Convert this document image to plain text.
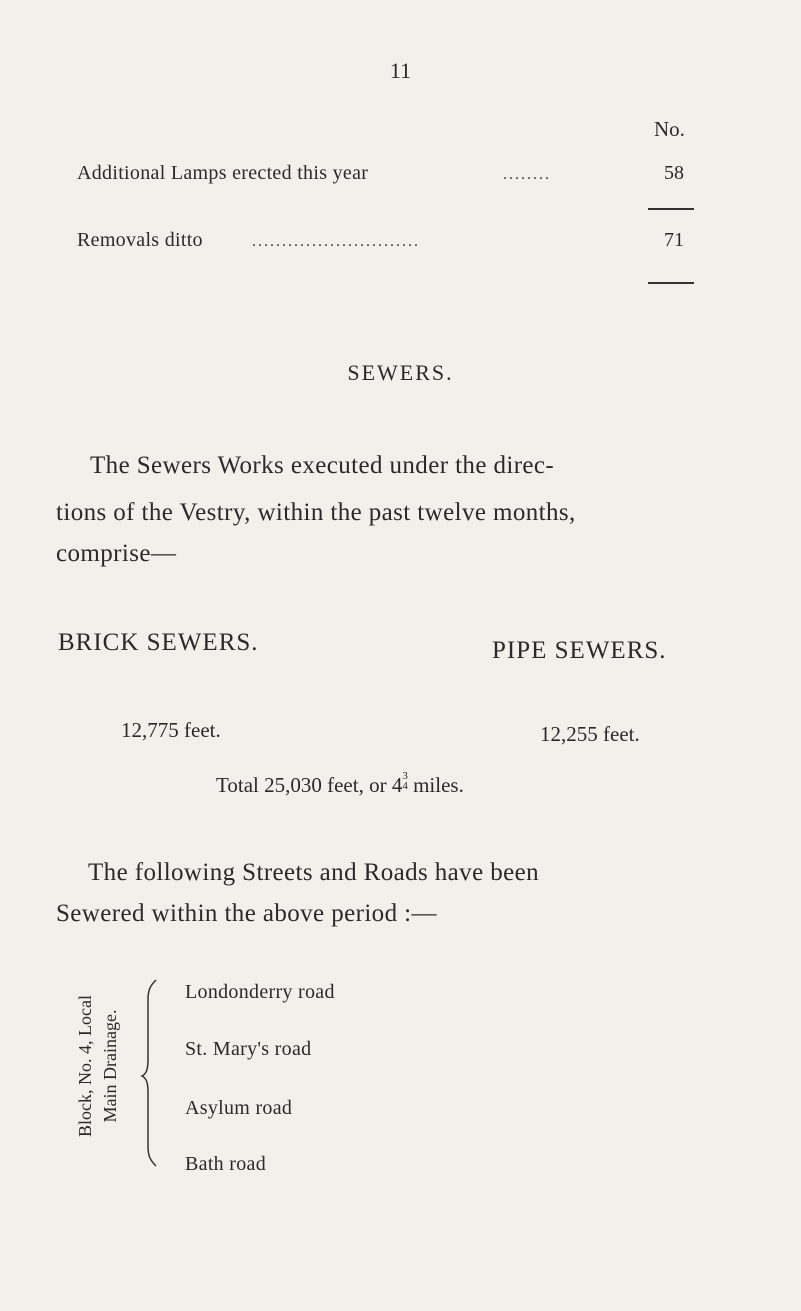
11
No.
Additional Lamps erected this year	........	58
Removals ditto	............................	71
SEWERS.
The Sewers Works executed under the direc-
tions of the Vestry, within the past twelve months,
comprise—
BRICK SEWERS.	PIPE SEWERS.
12,775 feet.	12,255 feet.
Total 25,030 feet, or 4 3
4 miles.
The following Streets and Roads have been
Sewered within the above period :—
Block, No. 4, Local Main Drainage.
Londonderry road
St. Mary's road
Asylum road
Bath road
